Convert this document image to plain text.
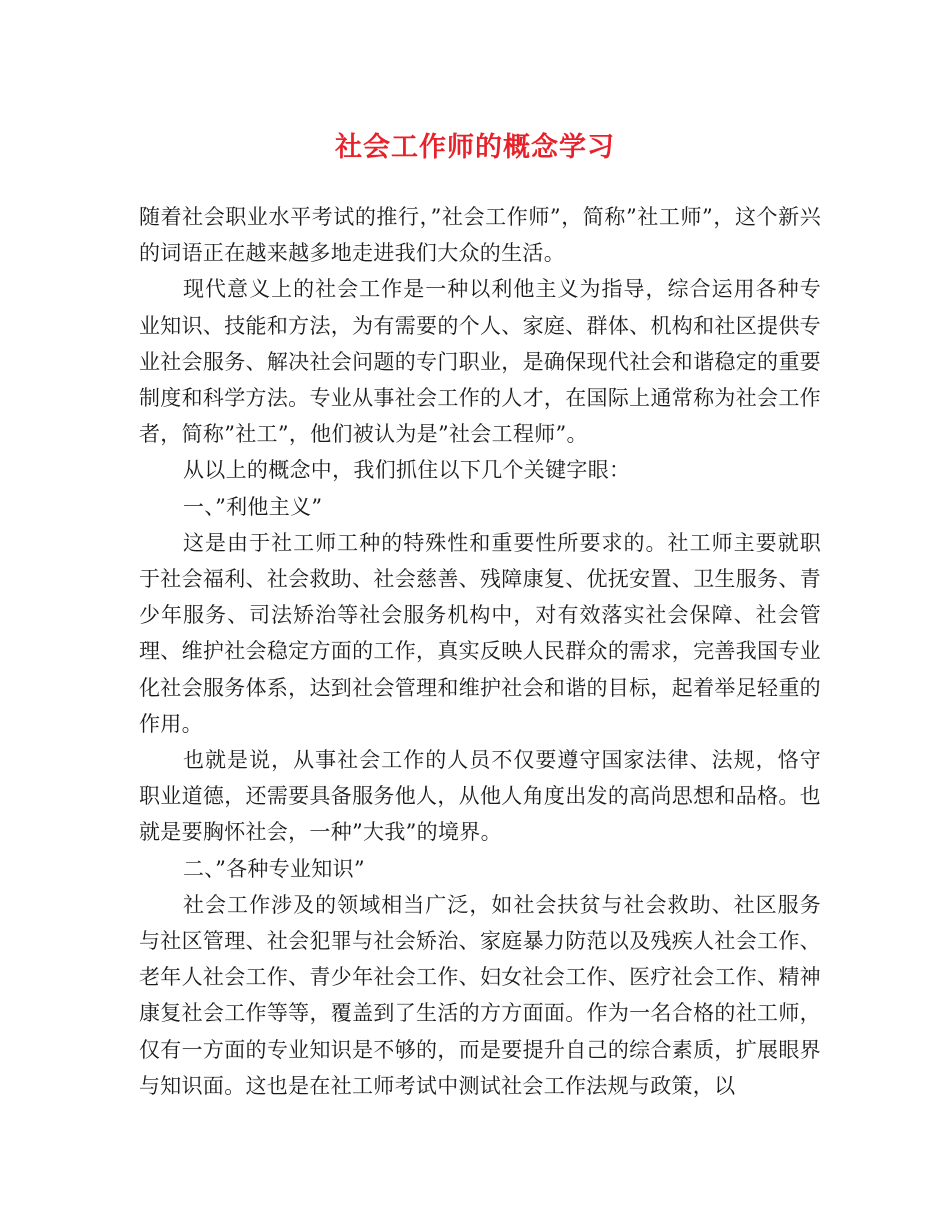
社会工作师的概念学习

随着社会职业水平考试的推行，”社会工作师”，简称”社工师”，这个新兴的词语正在越来越多地走进我们大众的生活。

现代意义上的社会工作是一种以利他主义为指导，综合运用各种专业知识、技能和方法，为有需要的个人、家庭、群体、机构和社区提供专业社会服务、解决社会问题的专门职业，是确保现代社会和谐稳定的重要制度和科学方法。专业从事社会工作的人才，在国际上通常称为社会工作者，简称”社工”，他们被认为是”社会工程师”。

从以上的概念中，我们抓住以下几个关键字眼：

一、”利他主义”

这是由于社工师工种的特殊性和重要性所要求的。社工师主要就职于社会福利、社会救助、社会慈善、残障康复、优抚安置、卫生服务、青少年服务、司法矫治等社会服务机构中，对有效落实社会保障、社会管理、维护社会稳定方面的工作，真实反映人民群众的需求，完善我国专业化社会服务体系，达到社会管理和维护社会和谐的目标，起着举足轻重的作用。

也就是说，从事社会工作的人员不仅要遵守国家法律、法规，恪守职业道德，还需要具备服务他人，从他人角度出发的高尚思想和品格。也就是要胸怀社会，一种”大我”的境界。

二、”各种专业知识”

社会工作涉及的领域相当广泛，如社会扶贫与社会救助、社区服务与社区管理、社会犯罪与社会矫治、家庭暴力防范以及残疾人社会工作、老年人社会工作、青少年社会工作、妇女社会工作、医疗社会工作、精神康复社会工作等等，覆盖到了生活的方方面面。作为一名合格的社工师，仅有一方面的专业知识是不够的，而是要提升自己的综合素质，扩展眼界与知识面。这也是在社工师考试中测试社会工作法规与政策，以
